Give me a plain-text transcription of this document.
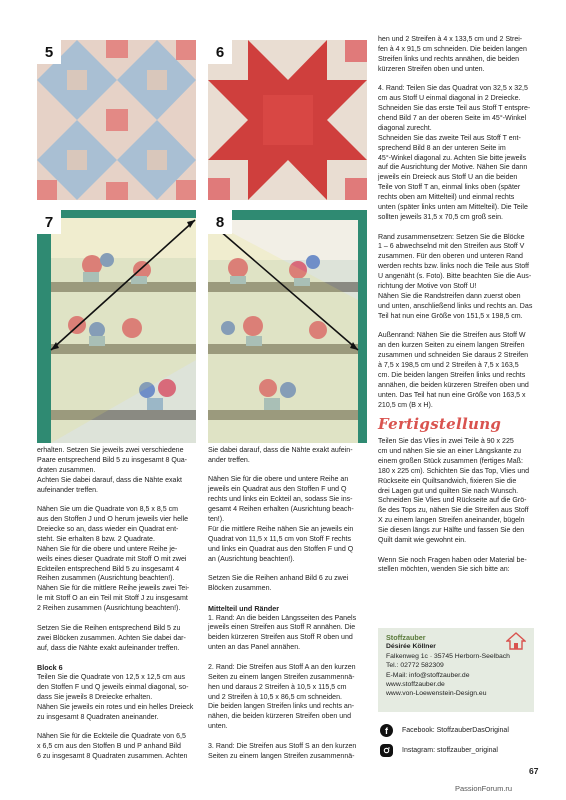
5	6
7	8

erhalten. Setzen Sie jeweils zwei verschiedene
Paare entsprechend Bild 5 zu insgesamt 8 Qua-
draten zusammen.
Achten Sie dabei darauf, dass die Nähte exakt
aufeinander treffen.

Nähen Sie um die Quadrate von 8,5 x 8,5 cm
aus den Stoffen J und O herum jeweils vier helle
Dreiecke so an, dass wieder ein Quadrat ent-
steht. Sie erhalten 8 bzw. 2 Quadrate.
Nähen Sie für die obere und untere Reihe je-
weils eines dieser Quadrate mit Stoff O mit zwei
Eckteilen entsprechend Bild 5 zu insgesamt 4
Reihen zusammen (Ausrichtung beachten!).
Nähen Sie für die mittlere Reihe jeweils zwei Tei-
le mit Stoff O an ein Teil mit Stoff J zu insgesamt
2 Reihen zusammen (Ausrichtung beachten!).

Setzen Sie die Reihen entsprechend Bild 5 zu
zwei Blöcken zusammen. Achten Sie dabei dar-
auf, dass die Nähte exakt aufeinander treffen.

Block 6

Teilen Sie die Quadrate von 12,5 x 12,5 cm aus
den Stoffen F und Q jeweils einmal diagonal, so-
dass Sie jeweils 8 Dreiecke erhalten.
Nähen Sie jeweils ein rotes und ein helles Dreieck
zu insgesamt 8 Quadraten aneinander.

Nähen Sie für die Eckteile die Quadrate von 6,5
x 6,5 cm aus den Stoffen B und P anhand Bild
6 zu insgesamt 8 Quadraten zusammen. Achten

Sie dabei darauf, dass die Nähte exakt aufein-
ander treffen.

Nähen Sie für die obere und untere Reihe an
jeweils ein Quadrat aus den Stoffen F und Q
rechts und links ein Eckteil an, sodass Sie ins-
gesamt 4 Reihen erhalten (Ausrichtung beach-
ten!).
Für die mittlere Reihe nähen Sie an jeweils ein
Quadrat von 11,5 x 11,5 cm von Stoff F rechts
und links ein Quadrat aus den Stoffen F und Q
an (Ausrichtung beachten!).

Setzen Sie die Reihen anhand Bild 6 zu zwei
Blöcken zusammen.

Mittelteil und Ränder

1. Rand: An die beiden Längsseiten des Panels
jeweils einen Streifen aus Stoff R annähen. Die
beiden kürzeren Streifen aus Stoff R oben und
unten an das Panel annähen.

2. Rand: Die Streifen aus Stoff A an den kurzen
Seiten zu einem langen Streifen zusammennä-
hen und daraus 2 Streifen à 10,5 x 115,5 cm
und 2 Streifen à 10,5 x 86,5 cm schneiden.
Die beiden langen Streifen links und rechts an-
nähen, die beiden kürzeren Streifen oben und
unten.

3. Rand: Die Streifen aus Stoff S an den kurzen
Seiten zu einem langen Streifen zusammennä-

hen und 2 Streifen à 4 x 133,5 cm und 2 Strei-
fen à 4 x 91,5 cm schneiden. Die beiden langen
Streifen links und rechts annähen, die beiden
kürzeren Streifen oben und unten.

4. Rand: Teilen Sie das Quadrat von 32,5 x 32,5
cm aus Stoff U einmal diagonal in 2 Dreiecke.
Schneiden Sie das erste Teil aus Stoff T entspre-
chend Bild 7 an der oberen Seite im 45°-Winkel
diagonal zurecht.
Schneiden Sie das zweite Teil aus Stoff T ent-
sprechend Bild 8 an der unteren Seite im
45°-Winkel diagonal zu. Achten Sie bitte jeweils
auf die Ausrichtung der Motive. Nähen Sie dann
jeweils ein Dreieck aus Stoff U an die beiden
Teile von Stoff T an, einmal links oben (später
rechts oben am Mittelteil) und einmal rechts
unten (später links unten am Mittelteil). Die Teile
sollten jeweils 31,5 x 70,5 cm groß sein.

Rand zusammensetzen: Setzen Sie die Blöcke
1 – 6 abwechselnd mit den Streifen aus Stoff V
zusammen. Für den oberen und unteren Rand
werden rechts bzw. links noch die Teile aus Stoff
U angenäht (s. Foto). Bitte beachten Sie die Aus-
richtung der Motive von Stoff U!
Nähen Sie die Randstreifen dann zuerst oben
und unten, anschließend links und rechts an. Das
Teil hat nun eine Größe von 151,5 x 198,5 cm.

Außenrand: Nähen Sie die Streifen aus Stoff W
an den kurzen Seiten zu einem langen Streifen
zusammen und schneiden Sie daraus 2 Streifen
à 7,5 x 198,5 cm und 2 Streifen à 7,5 x 163,5
cm. Die beiden langen Streifen links und rechts
annähen, die beiden kürzeren Streifen oben und
unten. Das Teil hat nun eine Größe von 163,5 x
210,5 cm (B x H).

Fertigstellung

Teilen Sie das Vlies in zwei Teile à 90 x 225
cm und nähen Sie sie an einer Längskante zu
einem großen Stück zusammen (fertiges Maß:
180 x 225 cm). Schichten Sie das Top, Vlies und
Rückseite ein Quiltsandwich, fixieren Sie die
drei Lagen gut und quilten Sie nach Wunsch.
Schneiden Sie Vlies und Rückseite auf die Grö-
ße des Tops zu, nähen Sie die Streifen aus Stoff
X zu einem langen Streifen aneinander, bügeln
Sie diesen längs zur Hälfte und fassen Sie den
Quilt damit wie gewohnt ein.

Wenn Sie noch Fragen haben oder Material be-
stellen möchten, wenden Sie sich bitte an:

Stoffzauber
Désirée Köllner
Falkenweg 1c · 35745 Herborn-Seelbach
Tel.: 02772 582309
E-Mail: info@stoffzauber.de
www.stoffzauber.de
www.von-Loewenstein-Design.eu
f	Facebook: StoffzauberDasOriginal
Instagram: stoffzauber_original
67
PassionForum.ru
